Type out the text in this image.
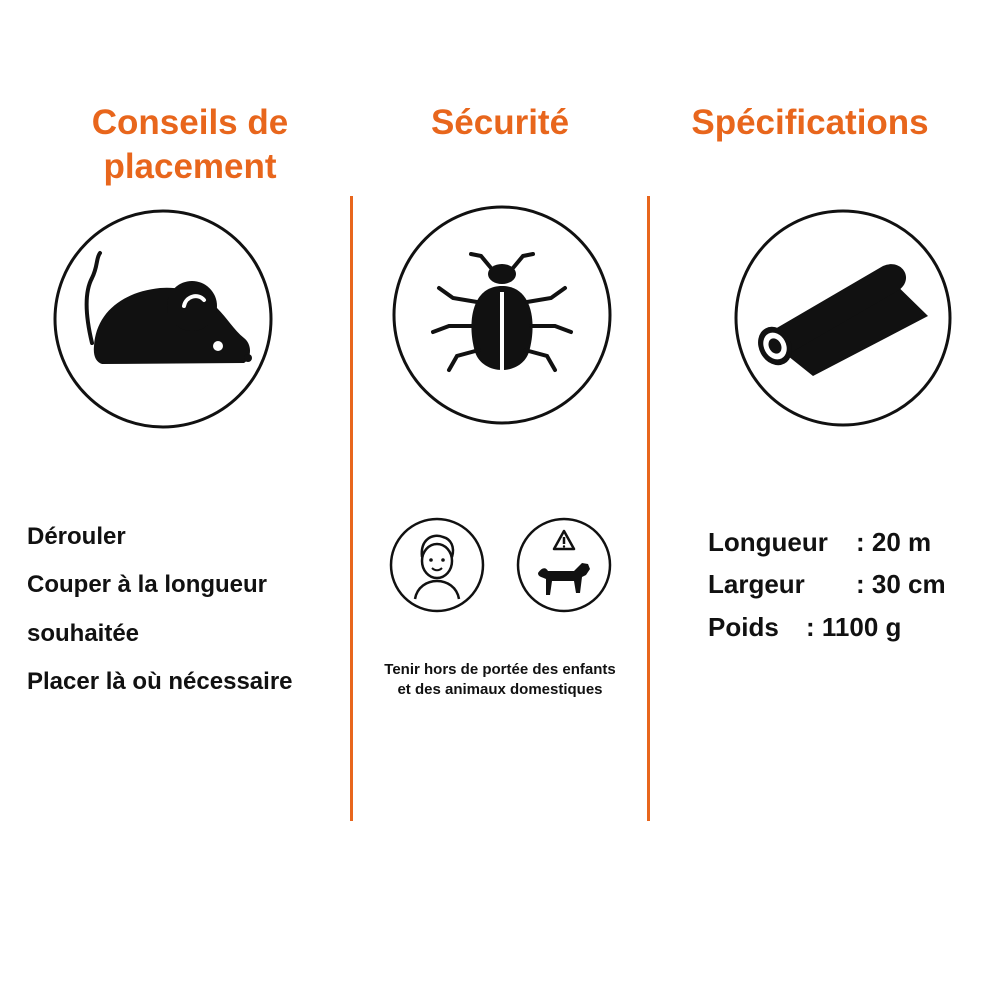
Conseils de
placement
Sécurité	Spécifications
Dérouler
Couper à la longueur
souhaitée
Placer là où nécessaire	Tenir hors de portée des enfants
et des animaux domestiques
Longueur : 20 m
Largeur : 30 cm
Poids : 1100 g
